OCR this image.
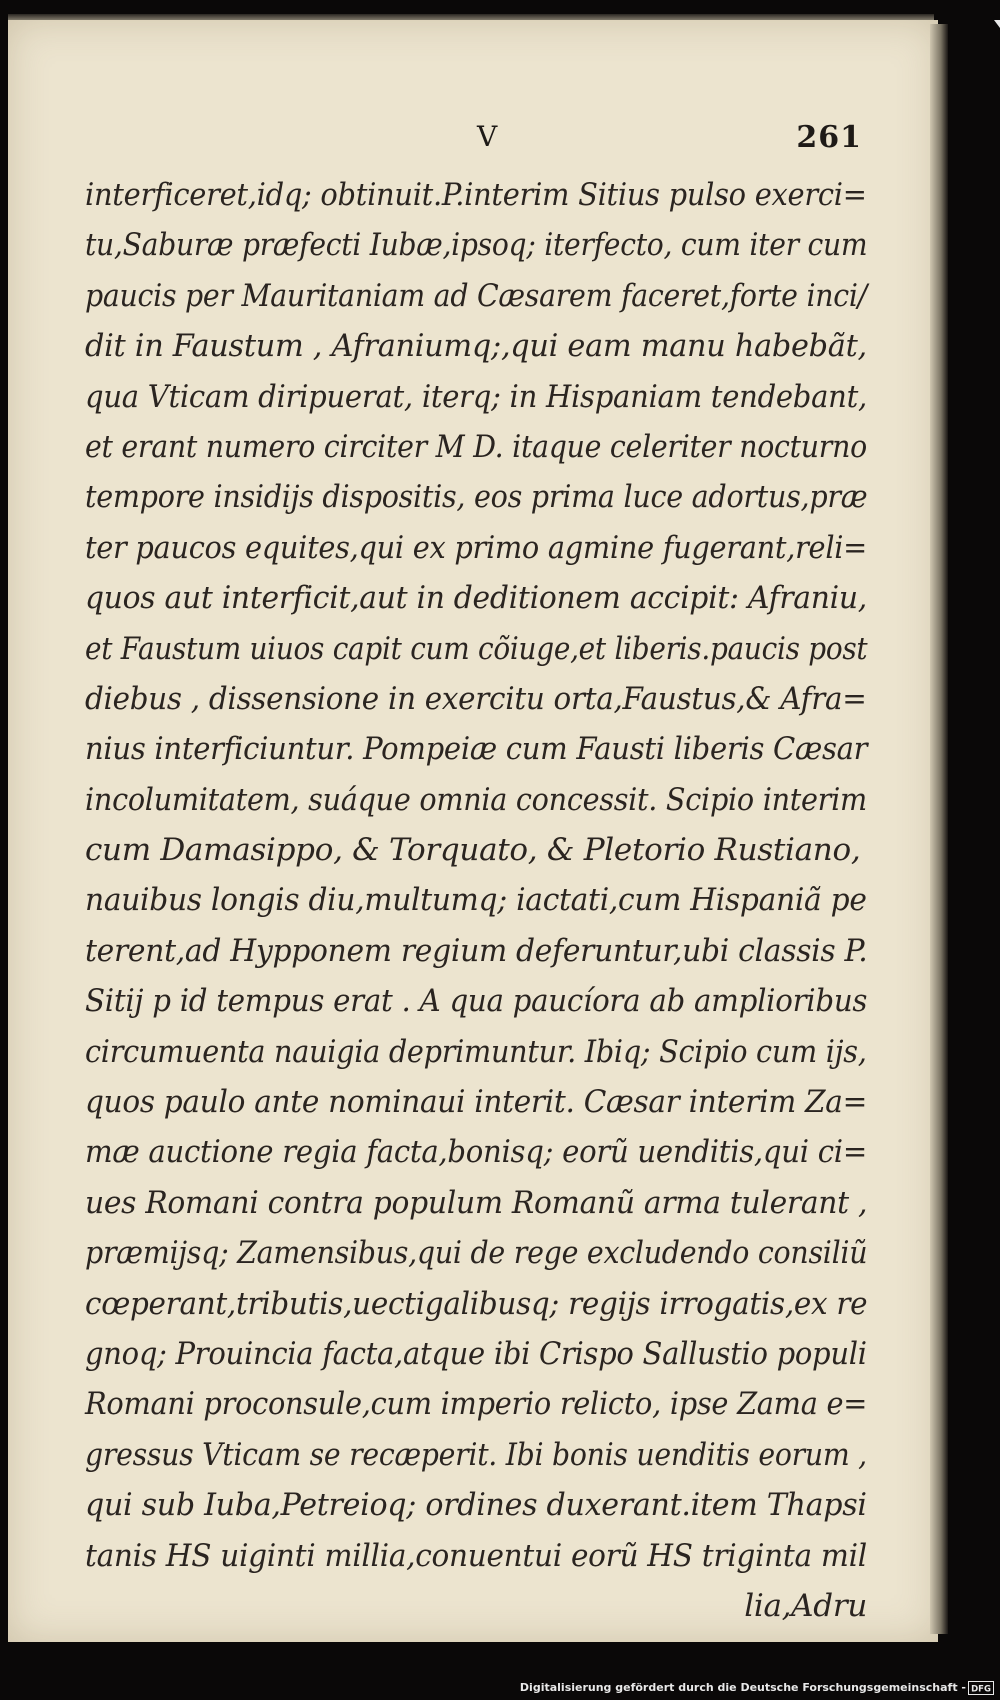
V	261
interficeret,idq; obtinuit.P.interim Sitius pulso exerci=
tu,Saburæ præfecti Iubæ,ipsoq; iterfecto, cum iter cum
paucis per Mauritaniam ad Cæsarem faceret,forte inci/
dit in Faustum , Afraniumq;,qui eam manu habebãt,
qua Vticam diripuerat, iterq; in Hispaniam tendebant,
et erant numero circiter M D. itaque celeriter nocturno
tempore insidijs dispositis, eos prima luce adortus,præ
ter paucos equites,qui ex primo agmine fugerant,reli=
quos aut interficit,aut in deditionem accipit: Afraniu,
et Faustum uiuos capit cum cõiuge,et liberis.paucis post
diebus , dissensione in exercitu orta,Faustus,& Afra=
nius interficiuntur. Pompeiæ cum Fausti liberis Cæsar
incolumitatem, suáque omnia concessit. Scipio interim
cum Damasippo, & Torquato, & Pletorio Rustiano,
nauibus longis diu,multumq; iactati,cum Hispaniã pe
terent,ad Hypponem regium deferuntur,ubi classis P.
Sitij p id tempus erat . A qua paucíora ab amplioribus
circumuenta nauigia deprimuntur. Ibiq; Scipio cum ijs,
quos paulo ante nominaui interit. Cæsar interim Za=
mæ auctione regia facta,bonisq; eorũ uenditis,qui ci=
ues Romani contra populum Romanũ arma tulerant ,
præmijsq; Zamensibus,qui de rege excludendo consiliũ
cœperant,tributis,uectigalibusq; regijs irrogatis,ex re
gnoq; Prouincia facta,atque ibi Crispo Sallustio populi
Romani proconsule,cum imperio relicto, ipse Zama e=
gressus Vticam se recæperit. Ibi bonis uenditis eorum ,
qui sub Iuba,Petreioq; ordines duxerant.item Thapsi
tanis HS uiginti millia,conuentui eorũ HS triginta mil
lia,Adru
Digitalisierung gefördert durch die Deutsche Forschungsgemeinschaft - DFG
